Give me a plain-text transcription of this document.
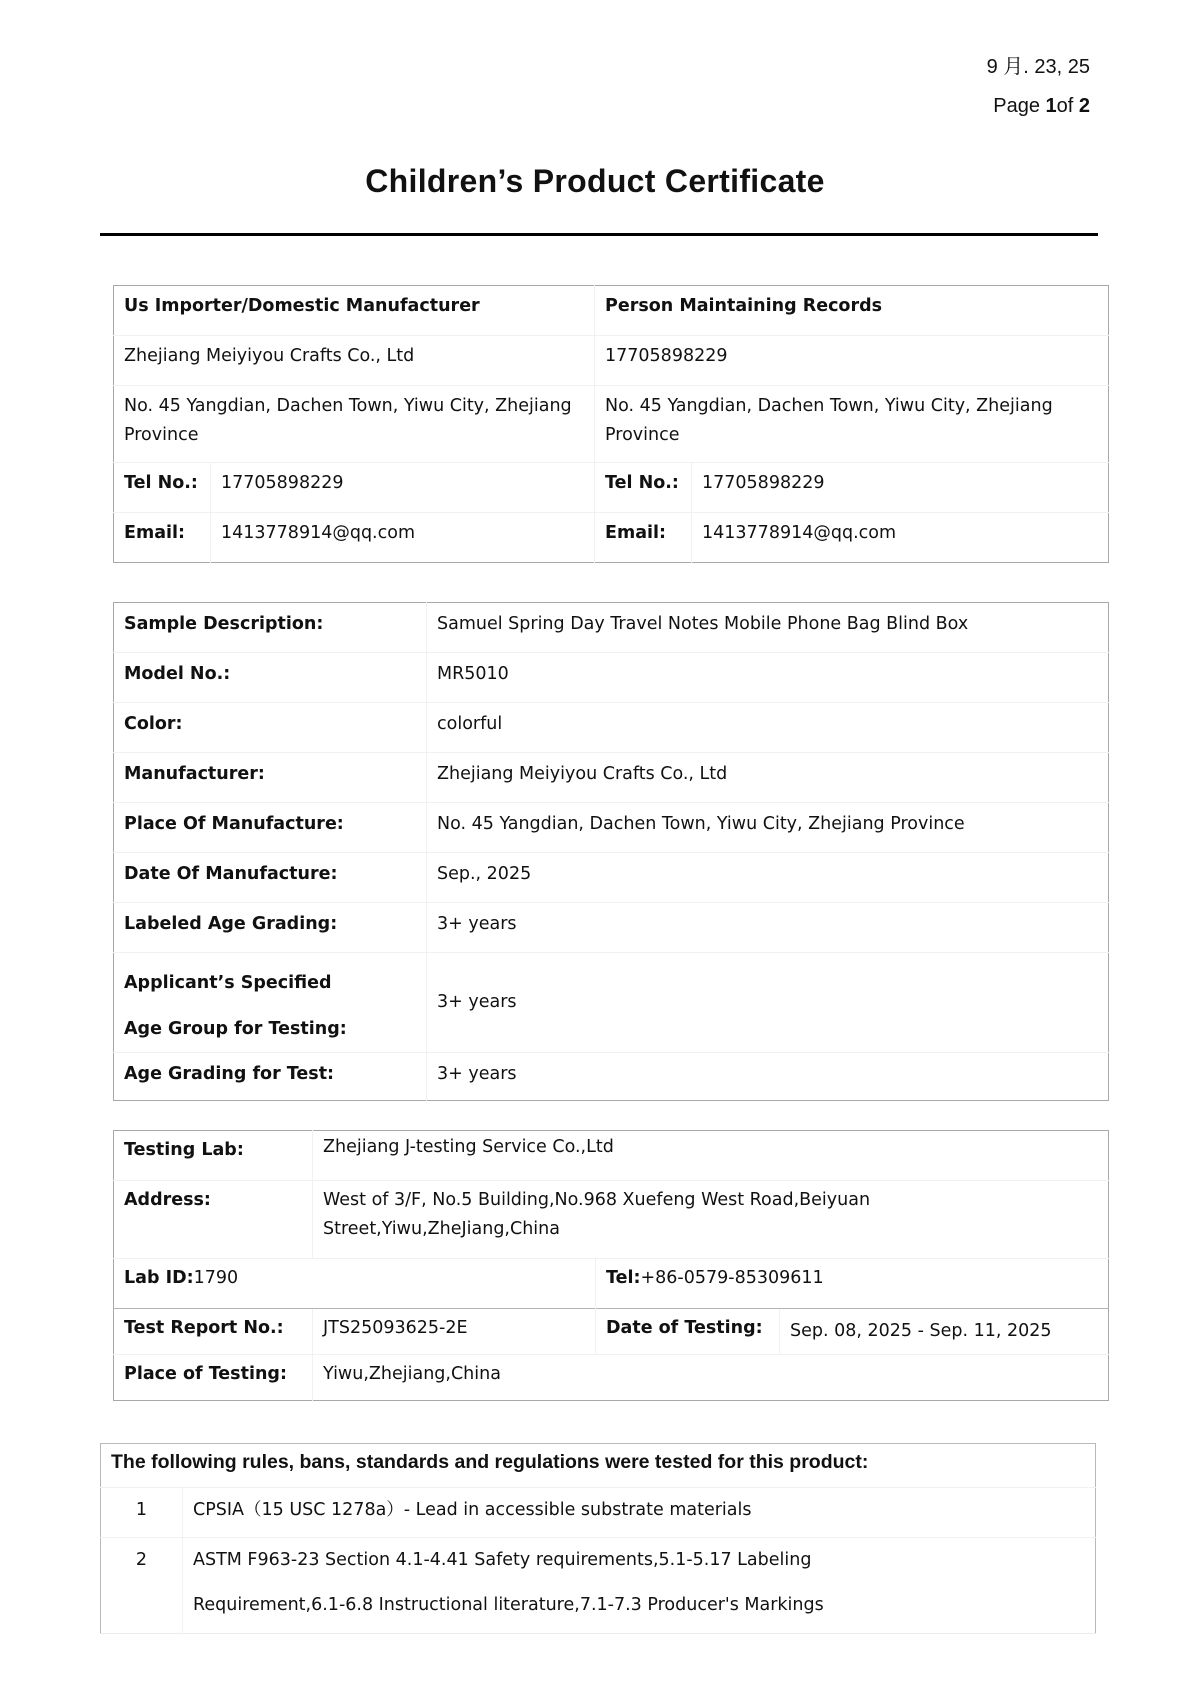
9 月. 23, 25
Page 1of 2
Children’s Product Certificate
Us Importer/Domestic Manufacturer		Person Maintaining Records	
Zhejiang Meiyiyou Crafts Co., Ltd		17705898229	
No. 45 Yangdian, Dachen Town, Yiwu City, Zhejiang Province		No. 45 Yangdian, Dachen Town, Yiwu City, Zhejiang Province	
Tel No.:	17705898229	Tel No.:	17705898229
Email:	1413778914@qq.com	Email:	1413778914@qq.com
Sample Description:	Samuel Spring Day Travel Notes Mobile Phone Bag Blind Box
Model No.:	MR5010
Color:	colorful
Manufacturer:	Zhejiang Meiyiyou Crafts Co., Ltd
Place Of Manufacture:	No. 45 Yangdian, Dachen Town, Yiwu City, Zhejiang Province
Date Of Manufacture:	Sep., 2025
Labeled Age Grading:	3+ years
Applicant’s Specified
Age Group for Testing:	3+ years
Age Grading for Test:	3+ years
Testing Lab:	Zhejiang J-testing Service Co.,Ltd		
Address:	West of 3/F, No.5 Building,No.968 Xuefeng West Road,Beiyuan Street,Yiwu,ZheJiang,China		
Lab ID:1790		Tel:+86-0579-85309611	
Test Report No.:	JTS25093625-2E	Date of Testing:	Sep. 08, 2025 - Sep. 11, 2025
Place of Testing:	Yiwu,Zhejiang,China		
The following rules, bans, standards and regulations were tested for this product:	
1	CPSIA（15 USC 1278a）- Lead in accessible substrate materials
2	ASTM F963-23 Section 4.1-4.41 Safety requirements,5.1-5.17 Labeling
Requirement,6.1-6.8 Instructional literature,7.1-7.3 Producer's Markings
